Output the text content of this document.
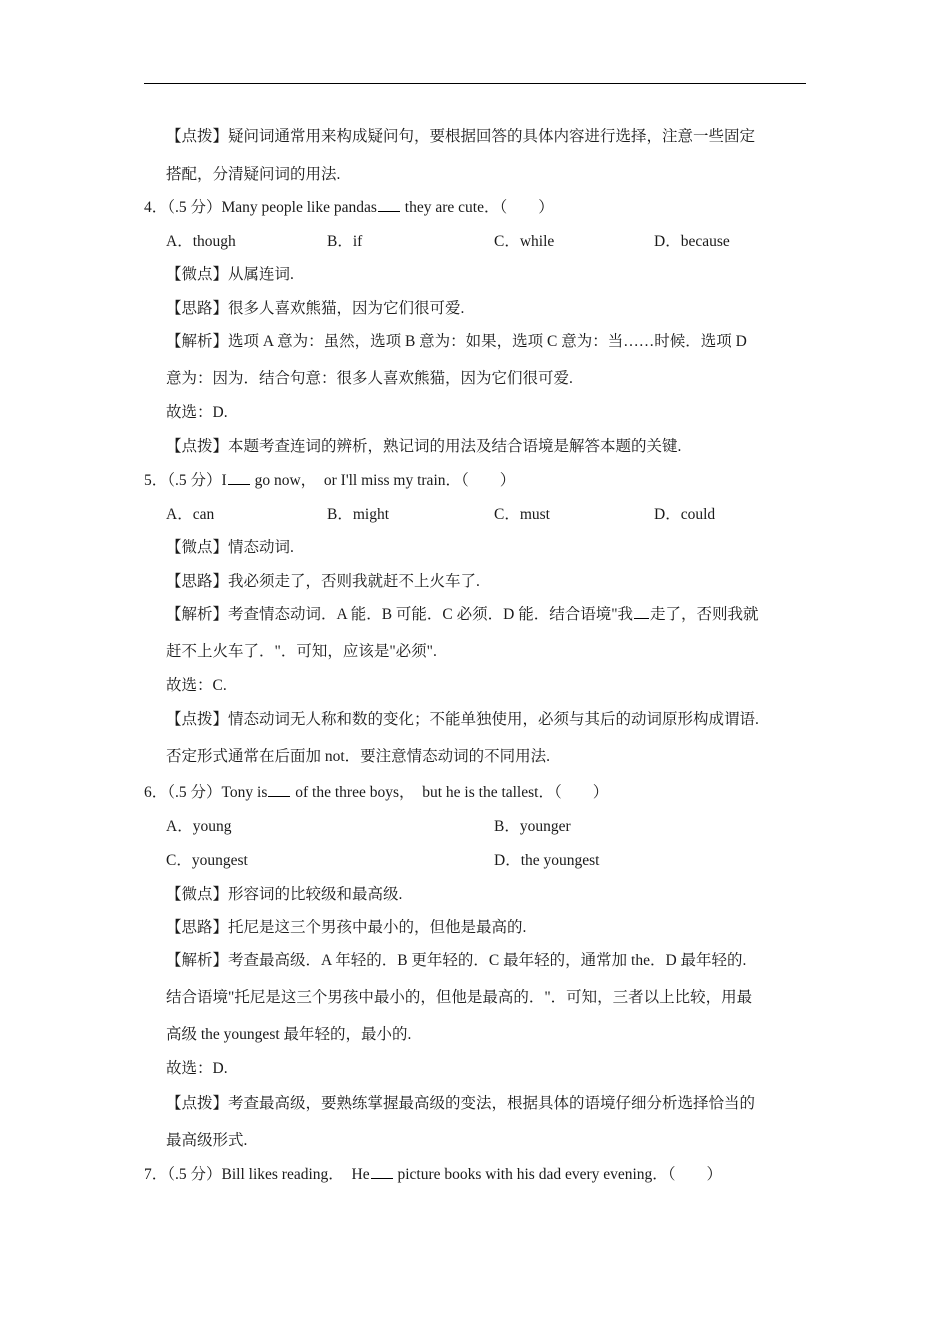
【点拨】疑问词通常用来构成疑问句，要根据回答的具体内容进行选择，注意一些固定
搭配，分清疑问词的用法.
4．（.5 分）Many people like pandas they are cute．（　　）
A．though	B．if	C．while	D．because
【微点】从属连词.
【思路】很多人喜欢熊猫，因为它们很可爱.
【解析】选项 A 意为：虽然，选项 B 意为：如果，选项 C 意为：当……时候．选项 D
意为：因为．结合句意：很多人喜欢熊猫，因为它们很可爱.
故选：D.
【点拨】本题考查连词的辨析，熟记词的用法及结合语境是解答本题的关键.
5．（.5 分）I go now，  or I'll miss my train．（　　）
A．can	B．might	C．must	D．could
【微点】情态动词.
【思路】我必须走了，否则我就赶不上火车了.
【解析】考查情态动词．A 能．B 可能．C 必须．D 能．结合语境"我 走了，否则我就
赶不上火车了．"．可知，应该是"必须".
故选：C.
【点拨】情态动词无人称和数的变化；不能单独使用，必须与其后的动词原形构成谓语.
否定形式通常在后面加 not．要注意情态动词的不同用法.
6．（.5 分）Tony is of the three boys，  but he is the tallest．（　　）
A．young	B．younger
C．youngest	D．the youngest
【微点】形容词的比较级和最高级.
【思路】托尼是这三个男孩中最小的，但他是最高的.
【解析】考查最高级．A 年轻的．B 更年轻的．C 最年轻的，通常加 the．D 最年轻的.
结合语境"托尼是这三个男孩中最小的，但他是最高的．"．可知，三者以上比较，用最
高级 the youngest 最年轻的，最小的.
故选：D.
【点拨】考查最高级，要熟练掌握最高级的变法，根据具体的语境仔细分析选择恰当的
最高级形式.
7．（.5 分）Bill likes reading．  He picture books with his dad every evening．（　　）
